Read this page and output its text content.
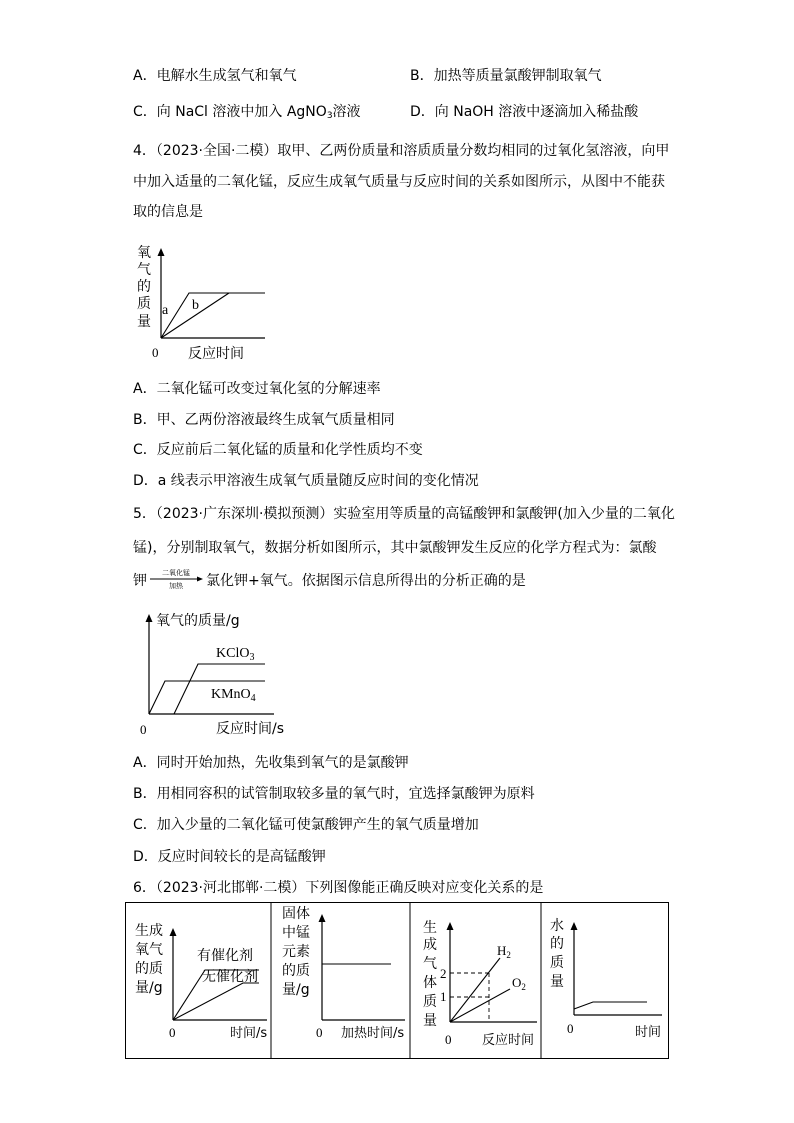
A．电解水生成氢气和氧气	B．加热等质量氯酸钾制取氧气
C．向 NaCl 溶液中加入 AgNO$_3$溶液	D．向 NaOH 溶液中逐滴加入稀盐酸
4．（2023·全国·二模）取甲、乙两份质量和溶质质量分数均相同的过氧化氢溶液，向甲
中加入适量的二氧化锰，反应生成氧气质量与反应时间的关系如图所示，从图中不能获
取的信息是
氧
气
的
质
量
a b
0 反应时间
A．二氧化锰可改变过氧化氢的分解速率
B．甲、乙两份溶液最终生成氧气质量相同
C．反应前后二氧化锰的质量和化学性质均不变
D．a 线表示甲溶液生成氧气质量随反应时间的变化情况
5．（2023·广东深圳·模拟预测）实验室用等质量的高锰酸钾和氯酸钾(加入少量的二氧化
锰)，分别制取氧气，数据分析如图所示，其中氯酸钾发生反应的化学方程式为：氯酸
钾 二氧化锰
加热 氯化钾+氧气。依据图示信息所得出的分析正确的是
氧气的质量/g
KClO$_3$
KMnO$_4$
0	反应时间/s
A．同时开始加热，先收集到氧气的是氯酸钾
B．用相同容积的试管制取较多量的氧气时，宜选择氯酸钾为原料
C．加入少量的二氧化锰可使氯酸钾产生的氧气质量增加
D．反应时间较长的是高锰酸钾
6．（2023·河北邯郸·二模）下列图像能正确反映对应变化关系的是
生成
氧气
的质
量/g
有催化剂
无催化剂
0	时间/s
固体
中锰
元素
的质
量/g
0 加热时间/s
生
成
气
体
质
量
2
1
$H_2$
$O_2$
0 反应时间
水
的
质
量
0	时间
